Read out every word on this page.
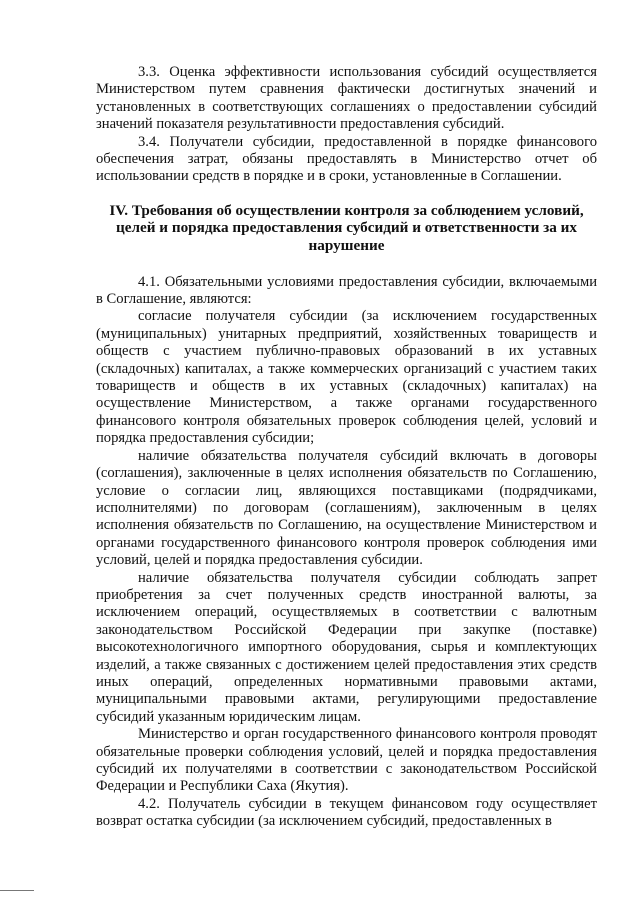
3.3. Оценка эффективности использования субсидий осуществляется Министерством путем сравнения фактически достигнутых значений и установленных в соответствующих соглашениях о предоставлении субсидий значений показателя результативности предоставления субсидий.

3.4. Получатели субсидии, предоставленной в порядке финансового обеспечения затрат, обязаны предоставлять в Министерство отчет об использовании средств в порядке и в сроки, установленные в Соглашении.

IV. Требования об осуществлении контроля за соблюдением условий, целей и порядка предоставления субсидий и ответственности за их нарушение

4.1. Обязательными условиями предоставления субсидии, включаемыми в Соглашение, являются:

согласие получателя субсидии (за исключением государственных (муниципальных) унитарных предприятий, хозяйственных товариществ и обществ с участием публично-правовых образований в их уставных (складочных) капиталах, а также коммерческих организаций с участием таких товариществ и обществ в их уставных (складочных) капиталах) на осуществление Министерством, а также органами государственного финансового контроля обязательных проверок соблюдения целей, условий и порядка предоставления субсидии;

наличие обязательства получателя субсидий включать в договоры (соглашения), заключенные в целях исполнения обязательств по Соглашению, условие о согласии лиц, являющихся поставщиками (подрядчиками, исполнителями) по договорам (соглашениям), заключенным в целях исполнения обязательств по Соглашению, на осуществление Министерством и органами государственного финансового контроля проверок соблюдения ими условий, целей и порядка предоставления субсидии.

наличие обязательства получателя субсидии соблюдать запрет приобретения за счет полученных средств иностранной валюты, за исключением операций, осуществляемых в соответствии с валютным законодательством Российской Федерации при закупке (поставке) высокотехнологичного импортного оборудования, сырья и комплектующих изделий, а также связанных с достижением целей предоставления этих средств иных операций, определенных нормативными правовыми актами, муниципальными правовыми актами, регулирующими предоставление субсидий указанным юридическим лицам.

Министерство и орган государственного финансового контроля проводят обязательные проверки соблюдения условий, целей и порядка предоставления субсидий их получателями в соответствии с законодательством Российской Федерации и Республики Саха (Якутия).

4.2. Получатель субсидии в текущем финансовом году осуществляет возврат остатка субсидии (за исключением субсидий, предоставленных в
